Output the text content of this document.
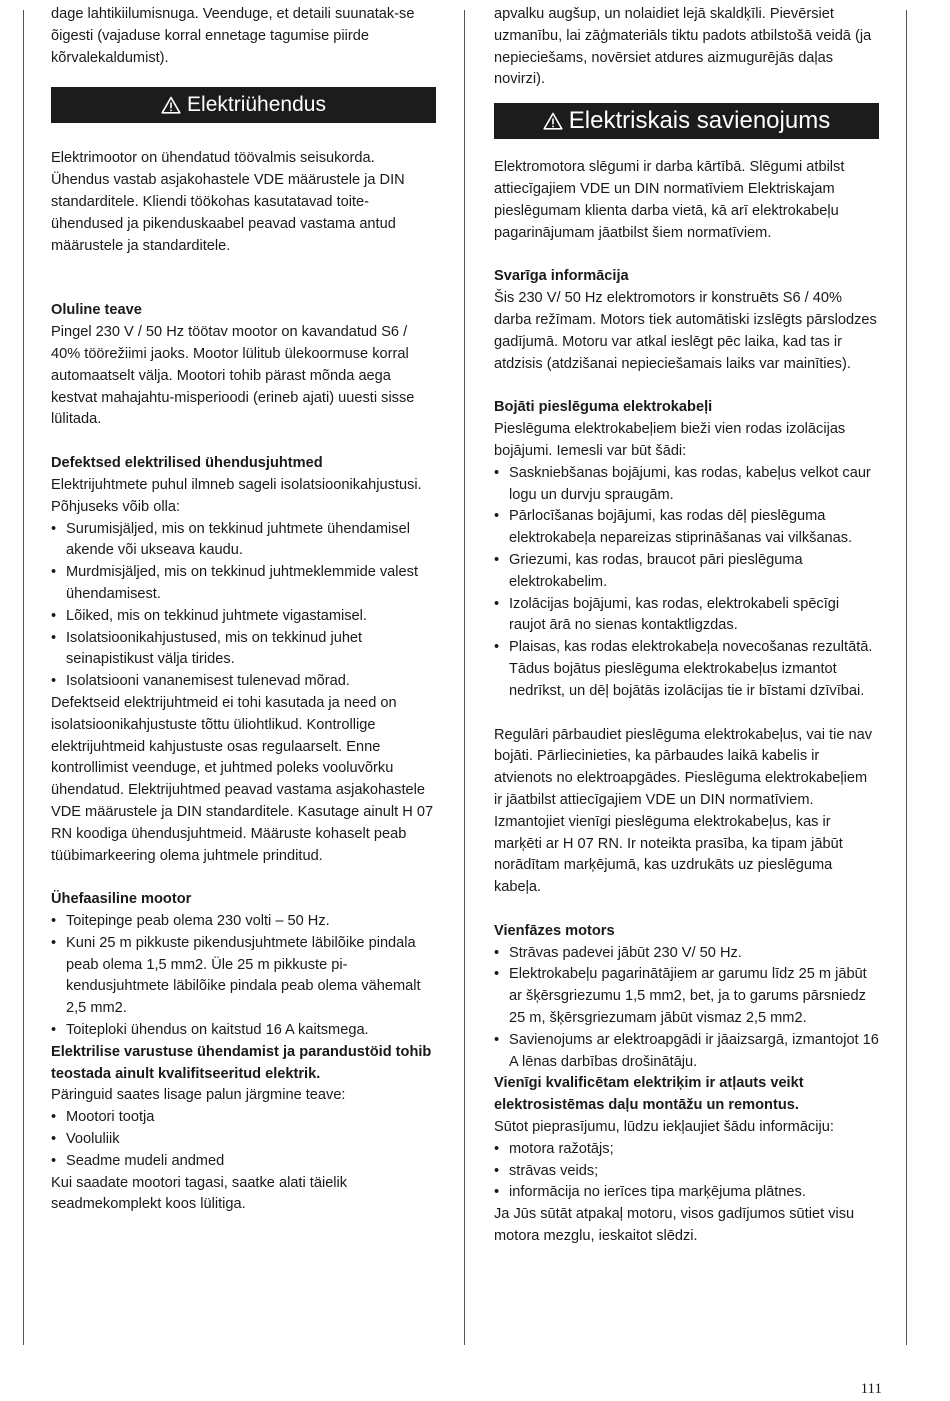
dage lahtikiilumisnuga. Veenduge, et detaili suunatak-se õigesti (vajaduse korral ennetage tagumise piirde kõrvalekaldumist).

Elektriühendus

Elektrimootor on ühendatud töövalmis seisukorda. Ühendus vastab asjakohastele VDE määrustele ja DIN standarditele. Kliendi töökohas kasutatavad toite-ühendused ja pikenduskaabel peavad vastama antud määrustele ja standarditele.

Oluline teave

Pingel 230 V / 50 Hz töötav mootor on kavandatud S6 / 40% töörežiimi jaoks. Mootor lülitub ülekoormuse korral automaatselt välja. Mootori tohib pärast mõnda aega kestvat mahajahtu-misperioodi (erineb ajati) uuesti sisse lülitada.

Defektsed elektrilised ühendusjuhtmed

Elektrijuhtmete puhul ilmneb sageli isolatsioonikahjustusi. Põhjuseks võib olla:

• Surumisjäljed, mis on tekkinud juhtmete ühendamisel akende või ukseava kaudu.
• Murdmisjäljed, mis on tekkinud juhtmeklemmide valest ühendamisest.
• Lõiked, mis on tekkinud juhtmete vigastamisel.
• Isolatsioonikahjustused, mis on tekkinud juhet seinapistikust välja tirides.
• Isolatsiooni vananemisest tulenevad mõrad.

Defektseid elektrijuhtmeid ei tohi kasutada ja need on isolatsioonikahjustuste tõttu üliohtlikud. Kontrollige elektrijuhtmeid kahjustuste osas regulaarselt. Enne kontrollimist veenduge, et juhtmed poleks vooluvõrku ühendatud. Elektrijuhtmed peavad vastama asjakohastele VDE määrustele ja DIN standarditele. Kasutage ainult H 07 RN koodiga ühendusjuhtmeid. Määruste kohaselt peab tüübimarkeering olema juhtmele prinditud.

Ühefaasiline mootor

• Toitepinge peab olema 230 volti – 50 Hz.
• Kuni 25 m pikkuste pikendusjuhtmete läbilõike pindala peab olema 1,5 mm2. Üle 25 m pikkuste pi-kendusjuhtmete läbilõike pindala peab olema vähemalt 2,5 mm2.
• Toiteploki ühendus on kaitstud 16 A kaitsmega.

Elektrilise varustuse ühendamist ja parandustöid tohib teostada ainult kvalifitseeritud elektrik.

Päringuid saates lisage palun järgmine teave:

• Mootori tootja
• Vooluliik
• Seadme mudeli andmed

Kui saadate mootori tagasi, saatke alati täielik seadmekomplekt koos lülitiga.

apvalku augšup, un nolaidiet lejā skaldķīli. Pievērsiet uzmanību, lai zāģmateriāls tiktu padots atbilstošā veidā (ja nepieciešams, novērsiet atdures aizmugurējās daļas novirzi).

Elektriskais savienojums

Elektromotora slēgumi ir darba kārtībā. Slēgumi atbilst attiecīgajiem VDE un DIN normatīviem Elektriskajam pieslēgumam klienta darba vietā, kā arī elektrokabeļu pagarinājumam jāatbilst šiem normatīviem.

Svarīga informācija

Šis 230 V/ 50 Hz elektromotors ir konstruēts S6 / 40% darba režīmam. Motors tiek automātiski izslēgts pārslodzes gadījumā. Motoru var atkal ieslēgt pēc laika, kad tas ir atdzisis (atdzišanai nepieciešamais laiks var mainīties).

Bojāti pieslēguma elektrokabeļi

Pieslēguma elektrokabeļiem bieži vien rodas izolācijas bojājumi. Iemesli var būt šādi:

• Saskniebšanas bojājumi, kas rodas, kabeļus velkot caur logu un durvju spraugām.
• Pārlocīšanas bojājumi, kas rodas dēļ pieslēguma elektrokabeļa nepareizas stiprināšanas vai vilkšanas.
• Griezumi, kas rodas, braucot pāri pieslēguma elektrokabelim.
• Izolācijas bojājumi, kas rodas, elektrokabeli spēcīgi raujot ārā no sienas kontaktligzdas.
• Plaisas, kas rodas elektrokabeļa novecošanas rezultātā. Tādus bojātus pieslēguma elektrokabeļus izmantot nedrīkst, un dēļ bojātās izolācijas tie ir bīstami dzīvībai.

Regulāri pārbaudiet pieslēguma elektrokabeļus, vai tie nav bojāti. Pārliecinieties, ka pārbaudes laikā kabelis ir atvienots no elektroapgādes. Pieslēguma elektrokabeļiem ir jāatbilst attiecīgajiem VDE un DIN normatīviem. Izmantojiet vienīgi pieslēguma elektrokabeļus, kas ir marķēti ar H 07 RN. Ir noteikta prasība, ka tipam jābūt norādītam marķējumā, kas uzdrukāts uz pieslēguma kabeļa.

Vienfāzes motors

• Strāvas padevei jābūt 230 V/ 50 Hz.
• Elektrokabeļu pagarinātājiem ar garumu līdz 25 m jābūt ar šķērsgriezumu 1,5 mm2, bet, ja to garums pārsniedz 25 m, šķērsgriezumam jābūt vismaz 2,5 mm2.
• Savienojums ar elektroapgādi ir jāaizsargā, izmantojot 16 A lēnas darbības drošinātāju.

Vienīgi kvalificētam elektriķim ir atļauts veikt elektrosistēmas daļu montāžu un remontus.

Sūtot pieprasījumu, lūdzu iekļaujiet šādu informāciju:

• motora ražotājs;
• strāvas veids;
• informācija no ierīces tipa marķējuma plātnes.

Ja Jūs sūtāt atpakaļ motoru, visos gadījumos sūtiet visu motora mezglu, ieskaitot slēdzi.

111
